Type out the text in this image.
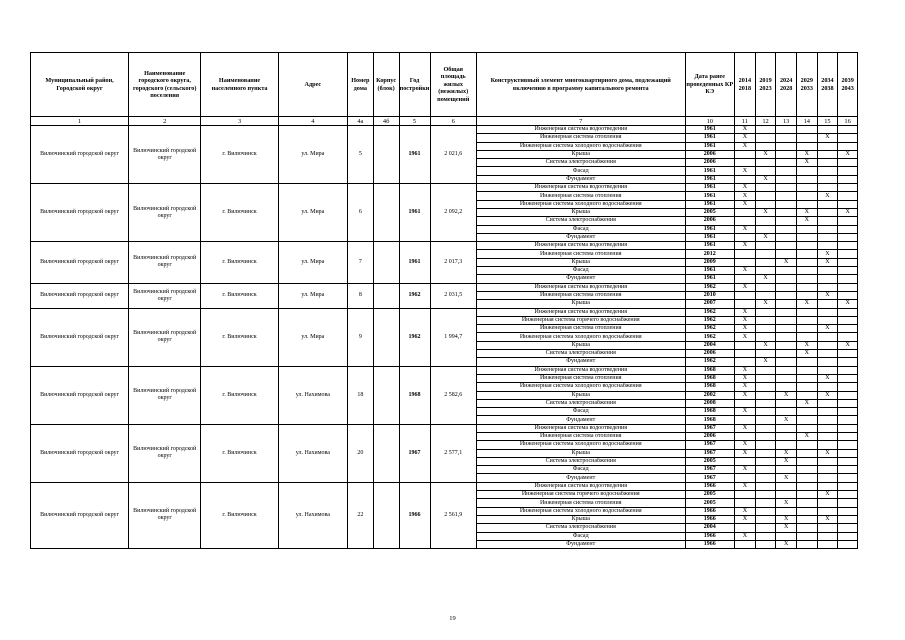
Муниципальный район, Городской округ	Наименование городского округа, городского (сельского) поселения	Наименование населенного пункта	Адрес	Номер дома	Корпус (блок)	Год постройки	Общая площадь жилых (нежилых) помещений	Конструктивный элемент многоквартирного дома, подлежащий включению в программу капитального ремонта	Дата ранее проведенных КР КЭ	2014 2018	2019 2023	2024 2028	2029 2033	2034 2038	2039 2043
1	2	3	4	4а	4б	5	6	7	10	11	12	13	14	15	16
Вилючинский городской округ	Вилючинский городской округ	г. Вилючинск	ул. Мира	5		1961	2 021,6	Инженерная система водоотведения	1961	X					
								Инженерная система отопления	1961	X				X	
								Инженерная система холодного водоснабжения	1961	X					
								Крыша	2006		X		X		X
								Система электроснабжения	2006				X		
								Фасад	1961	X					
								Фундамент	1961		X				
Вилючинский городской округ	Вилючинский городской округ	г. Вилючинск	ул. Мира	6		1961	2 092,2	Инженерная система водоотведения	1961	X					
								Инженерная система отопления	1961	X				X	
								Инженерная система холодного водоснабжения	1961	X					
								Крыша	2005		X		X		X
								Система электроснабжения	2006				X		
								Фасад	1961	X					
								Фундамент	1961		X				
Вилючинский городской округ	Вилючинский городской округ	г. Вилючинск	ул. Мира	7		1961	2 017,3	Инженерная система водоотведения	1961	X					
								Инженерная система отопления	2012					X	
								Крыша	2009			X		X	
								Фасад	1961	X					
								Фундамент	1961		X				
Вилючинский городской округ	Вилючинский городской округ	г. Вилючинск	ул. Мира	8		1962	2 031,5	Инженерная система водоотведения	1962	X					
								Инженерная система отопления	2010					X	
								Крыша	2007		X		X		X
Вилючинский городской округ	Вилючинский городской округ	г. Вилючинск	ул. Мира	9		1962	1 994,7	Инженерная система водоотведения	1962	X					
								Инженерная система горячего водоснабжения	1962	X					
								Инженерная система отопления	1962	X				X	
								Инженерная система холодного водоснабжения	1962	X					
								Крыша	2004		X		X		X
								Система электроснабжения	2006				X		
								Фундамент	1962		X				
Вилючинский городской округ	Вилючинский городской округ	г. Вилючинск	ул. Нахимова	18		1968	2 582,6	Инженерная система водоотведения	1968	X					
								Инженерная система отопления	1968	X				X	
								Инженерная система холодного водоснабжения	1968	X					
								Крыша	2002	X		X		X	
								Система электроснабжения	2008				X		
								Фасад	1968	X					
								Фундамент	1968			X			
Вилючинский городской округ	Вилючинский городской округ	г. Вилючинск	ул. Нахимова	20		1967	2 577,1	Инженерная система водоотведения	1967	X					
								Инженерная система отопления	2006				X		
								Инженерная система холодного водоснабжения	1967	X					
								Крыша	1967	X		X		X	
								Система электроснабжения	2005			X			
								Фасад	1967	X					
								Фундамент	1967			X			
Вилючинский городской округ	Вилючинский городской округ	г. Вилючинск	ул. Нахимова	22		1966	2 561,9	Инженерная система водоотведения	1966	X					
								Инженерная система горячего водоснабжения	2005					X	
								Инженерная система отопления	2005			X			
								Инженерная система холодного водоснабжения	1966	X					
								Крыша	1966	X		X		X	
								Система электроснабжения	2004			X			
								Фасад	1966	X					
								Фундамент	1966			X			
19
